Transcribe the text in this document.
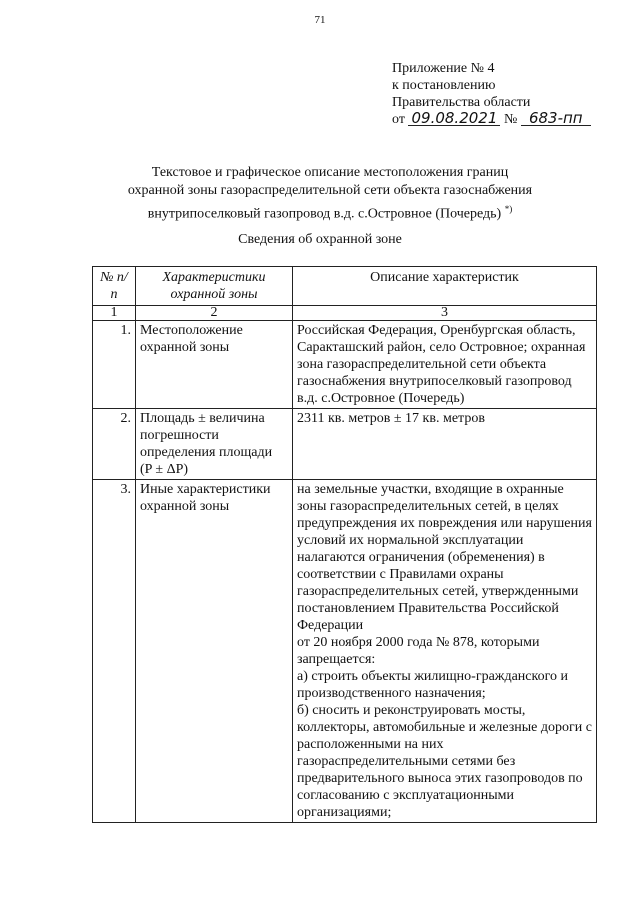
71
Приложение № 4
к постановлению
Правительства области
от 09.08.2021 № 683-пп
Текстовое и графическое описание местоположения границ
охранной зоны газораспределительной сети объекта газоснабжения
внутрипоселковый газопровод в.д. с.Островное (Почередь) *)
Сведения об охранной зоне
№ п/п	Характеристики охранной зоны	Описание характеристик
1	2	3
1.	Местоположение охранной зоны	Российская Федерация, Оренбургская область, Саракташский район, село Островное; охранная зона газораспределительной сети объекта газоснабжения внутрипоселковый газопровод в.д. с.Островное (Почередь)
2.	Площадь ± величина погрешности определения площади (P ± ΔP)	2311 кв. метров ± 17 кв. метров
3.	Иные характеристики охранной зоны	на земельные участки, входящие в охранные зоны газораспределительных сетей, в целях предупреждения их повреждения или нарушения условий их нормальной эксплуатации налагаются ограничения (обременения) в соответствии с Правилами охраны газораспределительных сетей, утвержденными постановлением Правительства Российской Федерации
от 20 ноября 2000 года № 878, которыми запрещается:
а) строить объекты жилищно-гражданского и производственного назначения;
б) сносить и реконструировать мосты, коллекторы, автомобильные и железные дороги с расположенными на них газораспределительными сетями без предварительного выноса этих газопроводов по согласованию с эксплуатационными организациями;
